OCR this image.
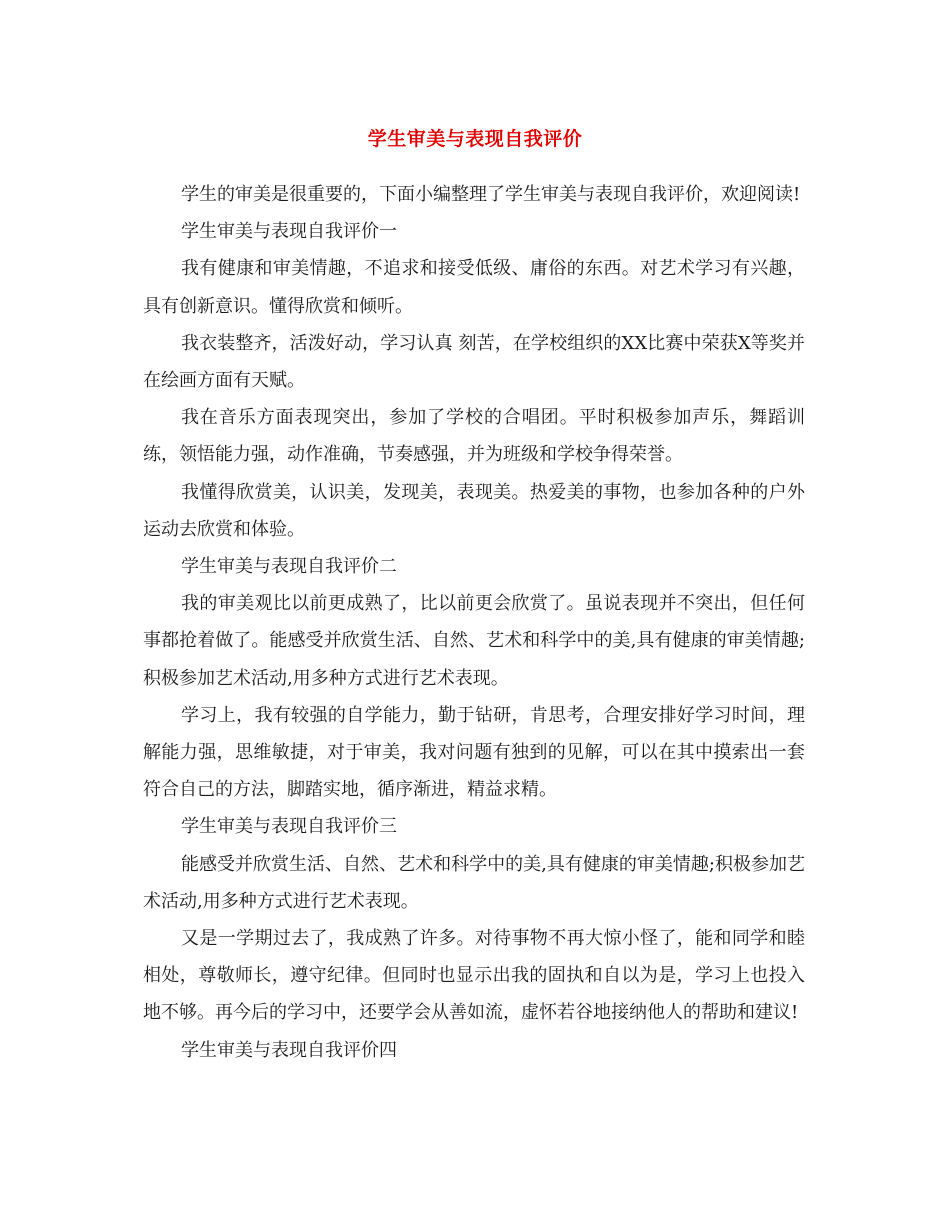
学生审美与表现自我评价

学生的审美是很重要的，下面小编整理了学生审美与表现自我评价，欢迎阅读!

学生审美与表现自我评价一

我有健康和审美情趣，不追求和接受低级、庸俗的东西。对艺术学习有兴趣，具有创新意识。懂得欣赏和倾听。

我衣装整齐，活泼好动，学习认真 刻苦，在学校组织的XX比赛中荣获X等奖并在绘画方面有天赋。

我在音乐方面表现突出，参加了学校的合唱团。平时积极参加声乐，舞蹈训练，领悟能力强，动作准确，节奏感强，并为班级和学校争得荣誉。

我懂得欣赏美，认识美，发现美，表现美。热爱美的事物，也参加各种的户外运动去欣赏和体验。

学生审美与表现自我评价二

我的审美观比以前更成熟了，比以前更会欣赏了。虽说表现并不突出，但任何事都抢着做了。能感受并欣赏生活、自然、艺术和科学中的美,具有健康的审美情趣;积极参加艺术活动,用多种方式进行艺术表现。

学习上，我有较强的自学能力，勤于钻研，肯思考，合理安排好学习时间，理解能力强，思维敏捷，对于审美，我对问题有独到的见解，可以在其中摸索出一套符合自己的方法，脚踏实地，循序渐进，精益求精。

学生审美与表现自我评价三

能感受并欣赏生活、自然、艺术和科学中的美,具有健康的审美情趣;积极参加艺术活动,用多种方式进行艺术表现。

又是一学期过去了，我成熟了许多。对待事物不再大惊小怪了，能和同学和睦相处，尊敬师长，遵守纪律。但同时也显示出我的固执和自以为是，学习上也投入地不够。再今后的学习中，还要学会从善如流，虚怀若谷地接纳他人的帮助和建议!

学生审美与表现自我评价四
